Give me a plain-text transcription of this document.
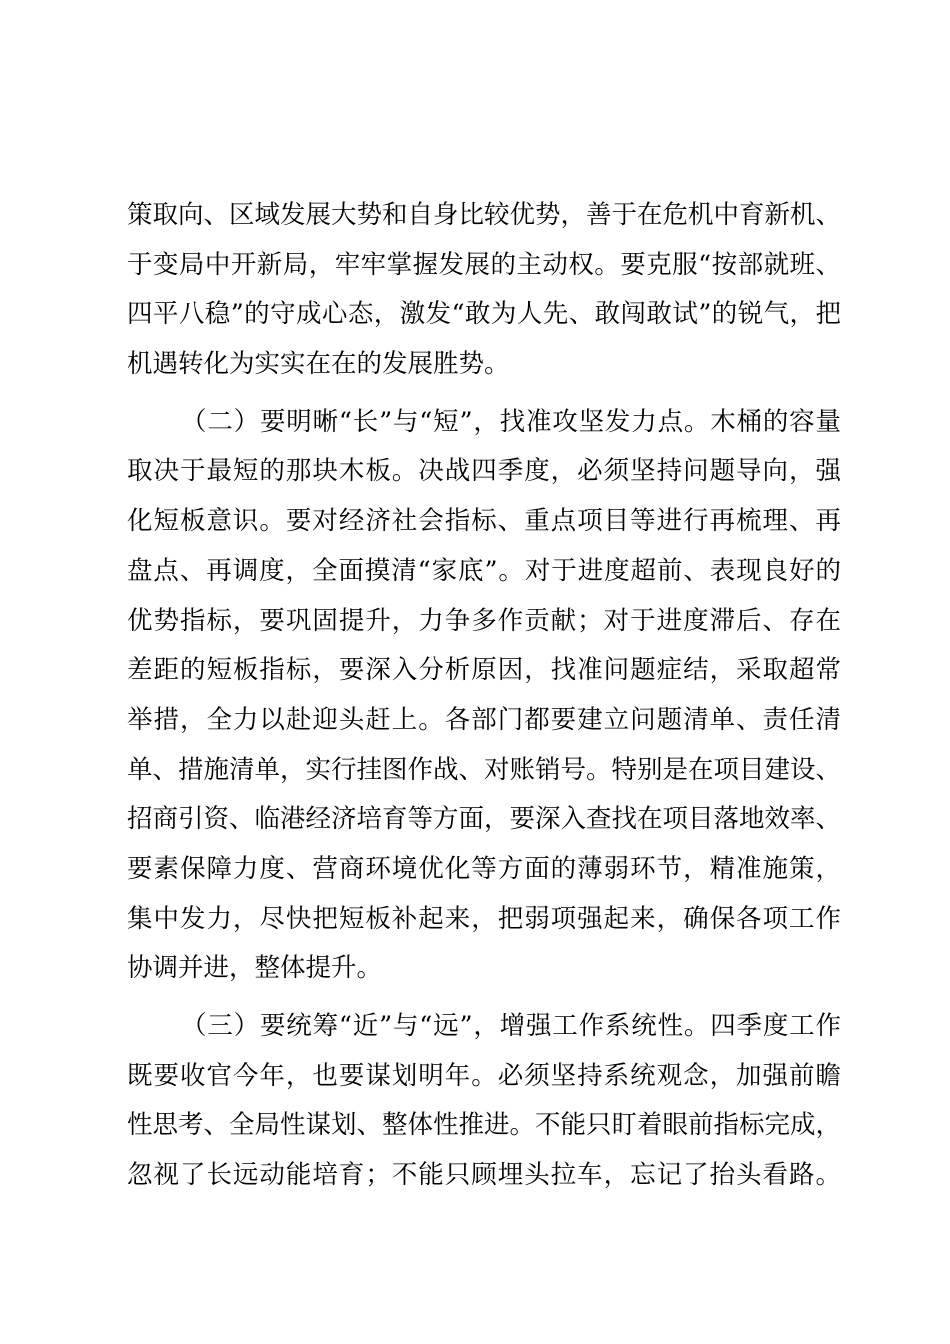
策取向、区域发展大势和自身比较优势，善于在危机中育新机、
于变局中开新局，牢牢掌握发展的主动权。要克服“按部就班、
四平八稳”的守成心态，激发“敢为人先、敢闯敢试”的锐气，把
机遇转化为实实在在的发展胜势。
（二）要明晰“长”与“短”，找准攻坚发力点。木桶的容量
取决于最短的那块木板。决战四季度，必须坚持问题导向，强
化短板意识。要对经济社会指标、重点项目等进行再梳理、再
盘点、再调度，全面摸清“家底”。对于进度超前、表现良好的
优势指标，要巩固提升，力争多作贡献；对于进度滞后、存在
差距的短板指标，要深入分析原因，找准问题症结，采取超常
举措，全力以赴迎头赶上。各部门都要建立问题清单、责任清
单、措施清单，实行挂图作战、对账销号。特别是在项目建设、
招商引资、临港经济培育等方面，要深入查找在项目落地效率、
要素保障力度、营商环境优化等方面的薄弱环节，精准施策，
集中发力，尽快把短板补起来，把弱项强起来，确保各项工作
协调并进，整体提升。
（三）要统筹“近”与“远”，增强工作系统性。四季度工作
既要收官今年，也要谋划明年。必须坚持系统观念，加强前瞻
性思考、全局性谋划、整体性推进。不能只盯着眼前指标完成，
忽视了长远动能培育；不能只顾埋头拉车，忘记了抬头看路。
